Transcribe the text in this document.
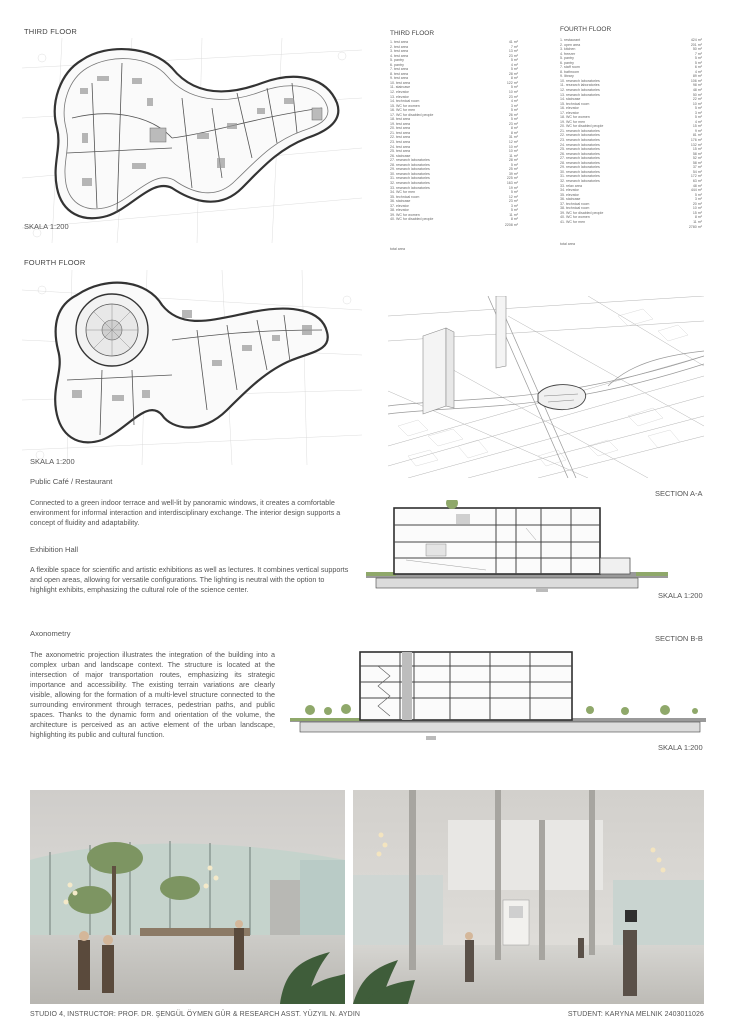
THIRD FLOOR
SKALA 1:200
FOURTH FLOOR
SKALA 1:200
THIRD FLOOR
1. test area	41 m²
2. test area	7 m²
3. test area	13 m²
4. test area	23 m²
5. pantry	5 m²
6. pantry	4 m²
7. test area	5 m²
8. test area	28 m²
9. test area	8 m²
10. test area	122 m²
11. staircase	5 m²
12. elevator	10 m²
13. elevator	23 m²
14. technical room	4 m²
15. WC for women	3 m²
16. WC for men	5 m²
17. WC for disabled people	26 m²
18. test area	5 m²
19. test area	23 m²
20. test area	8 m²
21. test area	8 m²
22. test area	31 m²
23. test area	12 m²
24. test area	10 m²
25. test area	10 m²
26. staircase	11 m²
27. research laboratories	28 m²
28. research laboratories	5 m²
29. research laboratories	25 m²
30. research laboratories	39 m²
31. research laboratories	225 m²
32. research laboratories	163 m²
33. research laboratories	19 m²
34. WC for men	5 m²
35. technical room	12 m²
36. staircase	23 m²
37. elevator	3 m²
38. elevator	5 m²
39. WC for women	11 m²
40. WC for disabled people	8 m²
2208 m²
total area
FOURTH FLOOR
1. restaurant	424 m²
2. open area	201 m²
3. kitchen	50 m²
4. freezer	7 m²
5. pantry	5 m²
6. pantry	5 m²
7. staff room	6 m²
8. bathroom	4 m²
9. library	89 m²
10. research laboratories	106 m²
11. research laboratories	98 m²
12. research laboratories	48 m²
13. research laboratories	50 m²
14. staircase	22 m²
15. technical room	10 m²
16. elevator	5 m²
17. elevator	3 m²
18. WC for women	5 m²
19. WC for men	4 m²
20. WC for disabled people	15 m²
21. research laboratories	9 m²
22. research laboratories	81 m²
23. research laboratories	176 m²
24. research laboratories	132 m²
25. research laboratories	15 m²
26. research laboratories	58 m²
27. research laboratories	52 m²
28. research laboratories	58 m²
29. research laboratories	37 m²
30. research laboratories	54 m²
31. research laboratories	172 m²
32. research laboratories	63 m²
33. relax area	48 m²
34. elevator	444 m²
35. elevator	5 m²
36. staircase	3 m²
37. technical room	20 m²
38. technical room	10 m²
39. WC for disabled people	15 m²
40. WC for women	8 m²
41. WC for men	11 m²
2780 m²
total area
Public Café / Restaurant
Connected to a green indoor terrace and well-lit by panoramic windows, it creates a comfortable environment for informal interaction and interdisciplinary exchange. The interior design supports a concept of fluidity and adaptability.
Exhibition Hall
A flexible space for scientific and artistic exhibitions as well as lectures. It combines vertical supports and open areas, allowing for versatile configurations. The lighting is neutral with the option to highlight exhibits, emphasizing the cultural role of the science center.
Axonometry
The axonometric projection illustrates the integration of the building into a complex urban and landscape context. The structure is located at the intersection of major transportation routes, emphasizing its strategic importance and accessibility. The existing terrain variations are clearly visible, allowing for the formation of a multi-level structure connected to the surrounding environment through terraces, pedestrian paths, and public spaces. Thanks to the dynamic form and orientation of the volume, the architecture is perceived as an active element of the urban landscape, highlighting its public and cultural function.
SECTION A-A
SKALA 1:200
SECTION B-B
SKALA 1:200
STUDIO 4, INSTRUCTOR: PROF. DR. ŞENGÜL ÖYMEN GÜR & RESEARCH ASST. YÜZYIL N. AYDIN	STUDENT: KARYNA MELNIK 2403011026
